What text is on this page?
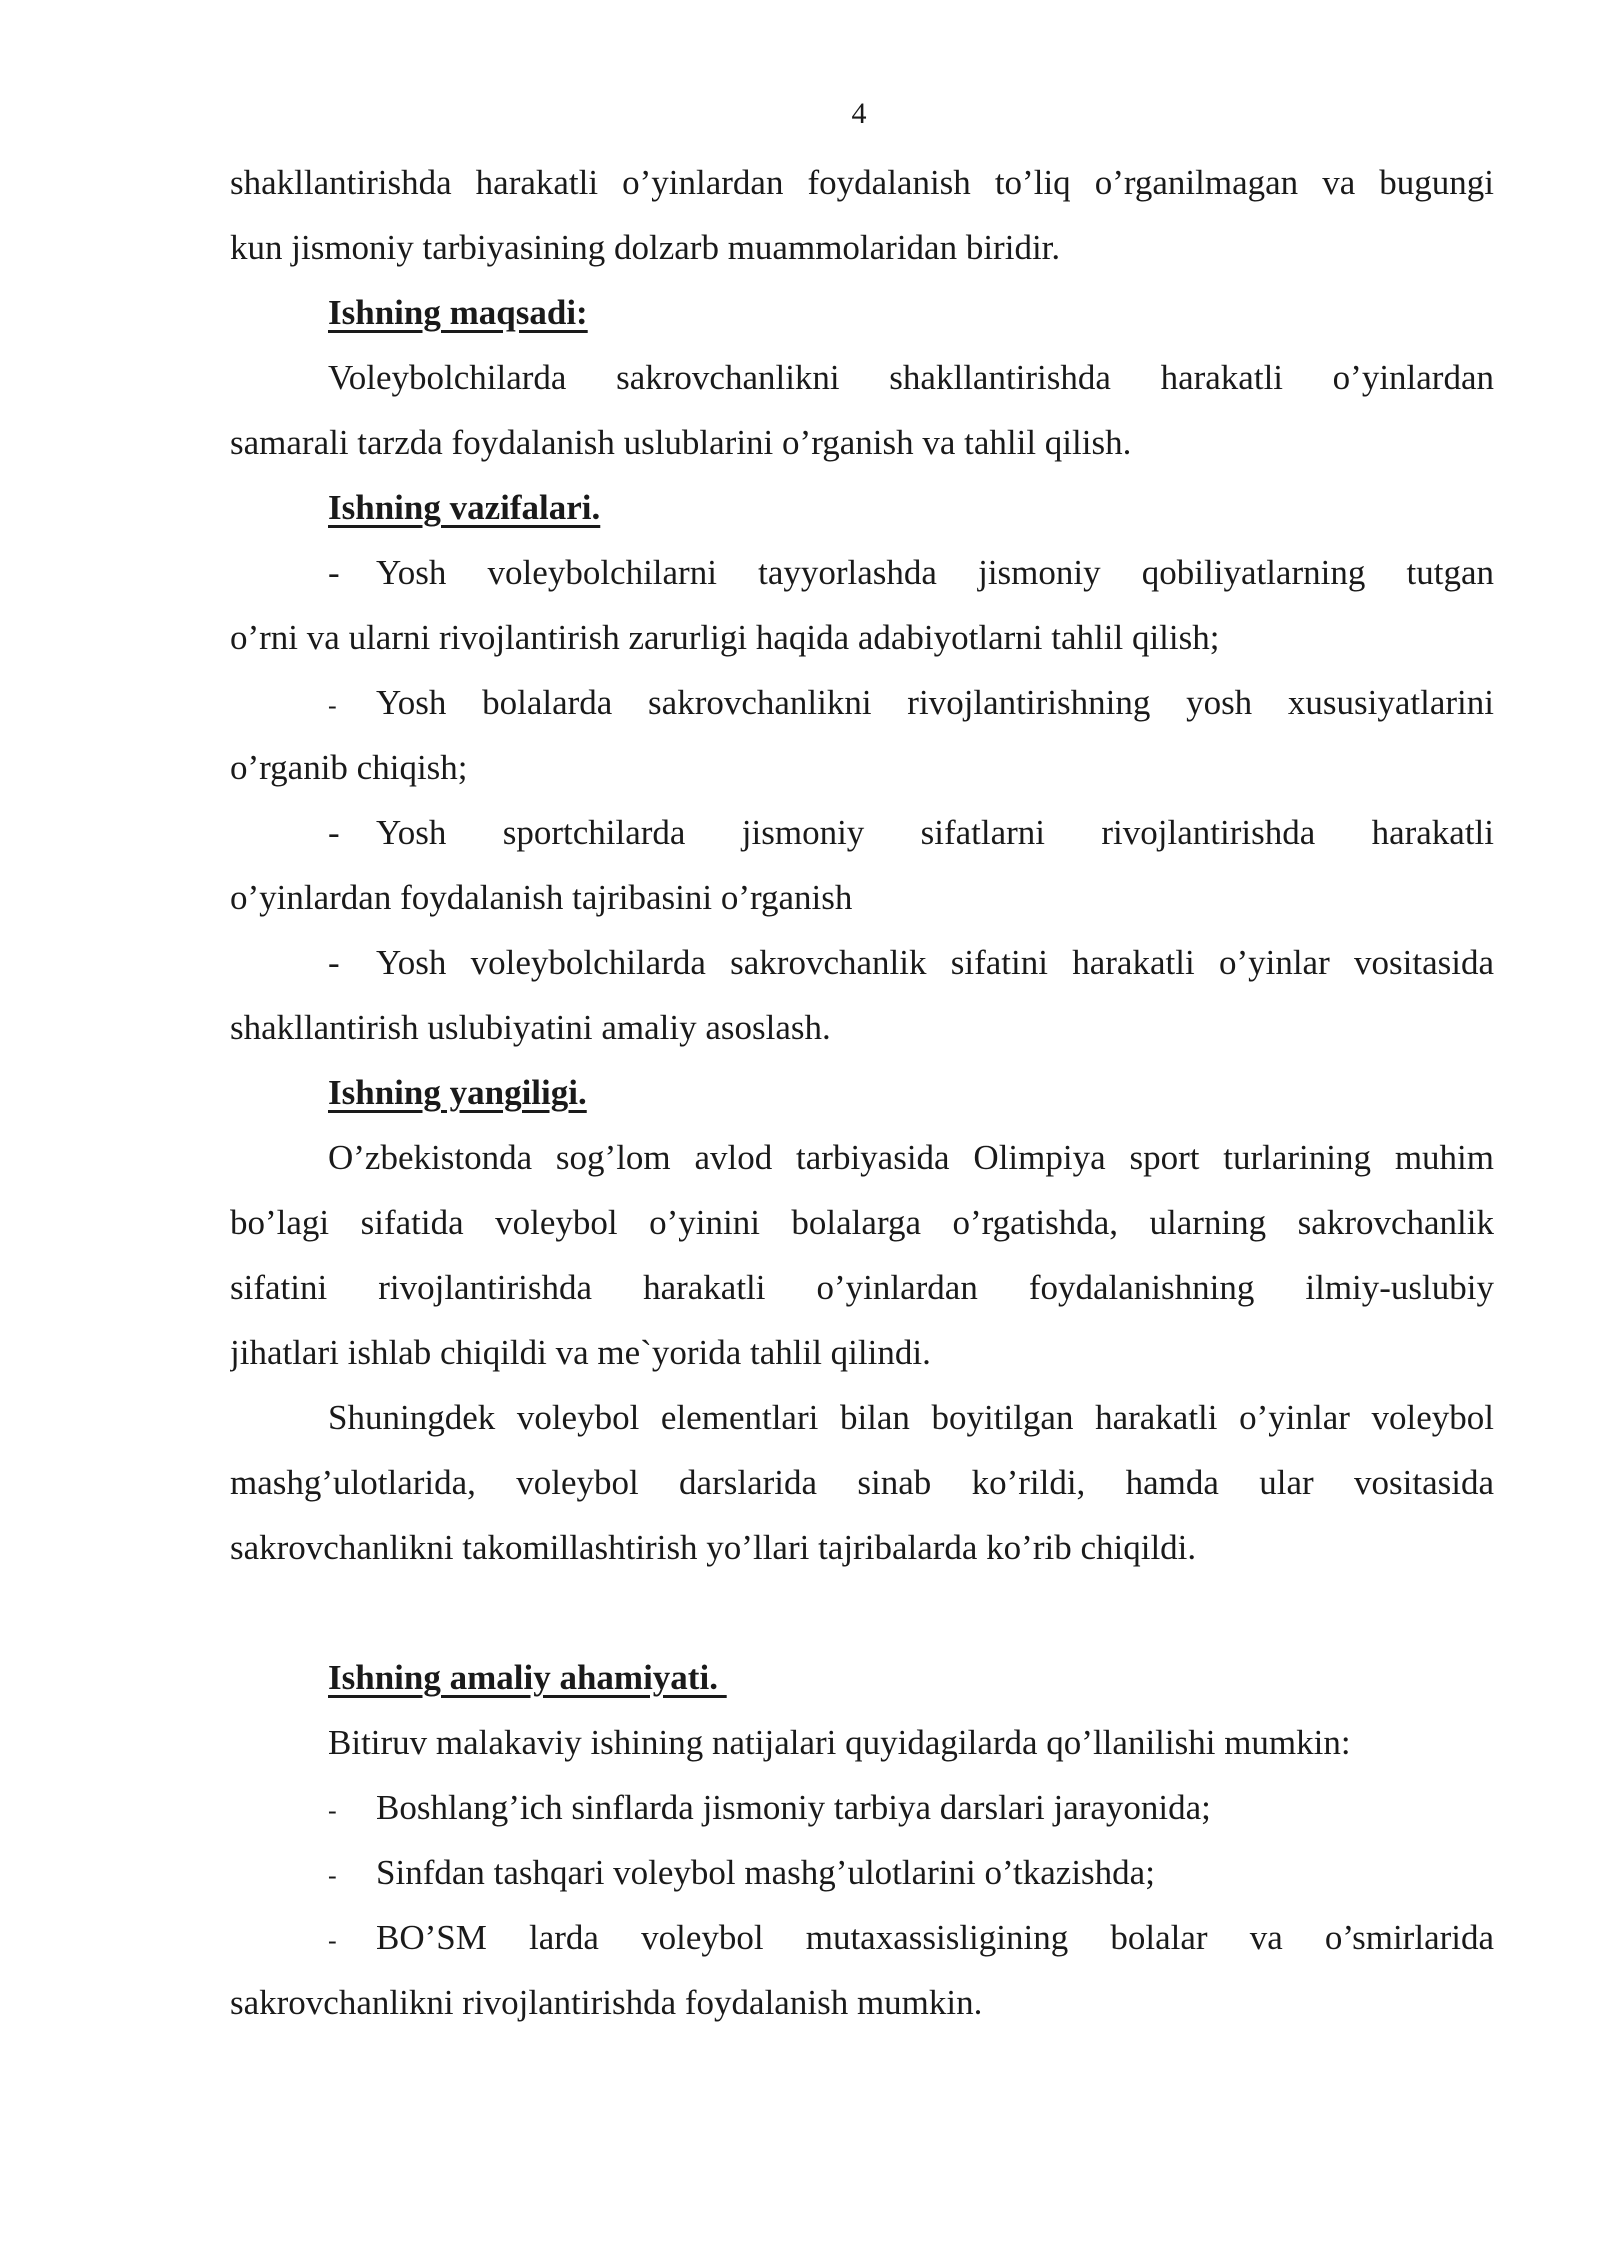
4
shakllantirishda harakatli o’yinlardan foydalanish to’liq o’rganilmagan va bugungi
kun jismoniy tarbiyasining dolzarb muammolaridan biridir.
Ishning maqsadi:
Voleybolchilarda sakrovchanlikni shakllantirishda harakatli o’yinlardan
samarali tarzda foydalanish uslublarini o’rganish va tahlil qilish.
Ishning vazifalari.
-	Yosh voleybolchilarni tayyorlashda jismoniy qobiliyatlarning tutgan
o’rni va ularni rivojlantirish zarurligi haqida adabiyotlarni tahlil qilish;
-	Yosh bolalarda sakrovchanlikni rivojlantirishning yosh xususiyatlarini
o’rganib chiqish;
-	Yosh sportchilarda jismoniy sifatlarni rivojlantirishda harakatli
o’yinlardan foydalanish tajribasini o’rganish
-	Yosh voleybolchilarda sakrovchanlik sifatini harakatli o’yinlar vositasida
shakllantirish uslubiyatini amaliy asoslash.
Ishning yangiligi.
O’zbekistonda sog’lom avlod tarbiyasida Olimpiya sport turlarining muhim
bo’lagi sifatida voleybol o’yinini bolalarga o’rgatishda, ularning sakrovchanlik
sifatini rivojlantirishda harakatli o’yinlardan foydalanishning ilmiy-uslubiy
jihatlari ishlab chiqildi va me`yorida tahlil qilindi.
Shuningdek voleybol elementlari bilan boyitilgan harakatli o’yinlar voleybol
mashg’ulotlarida, voleybol darslarida sinab ko’rildi, hamda ular vositasida
sakrovchanlikni takomillashtirish yo’llari tajribalarda ko’rib chiqildi.
Ishning amaliy ahamiyati.
Bitiruv malakaviy ishining natijalari quyidagilarda qo’llanilishi mumkin:
-	Boshlang’ich sinflarda jismoniy tarbiya darslari jarayonida;
-	Sinfdan tashqari voleybol mashg’ulotlarini o’tkazishda;
-	BO’SM larda voleybol mutaxassisligining bolalar va o’smirlarida
sakrovchanlikni rivojlantirishda foydalanish mumkin.
